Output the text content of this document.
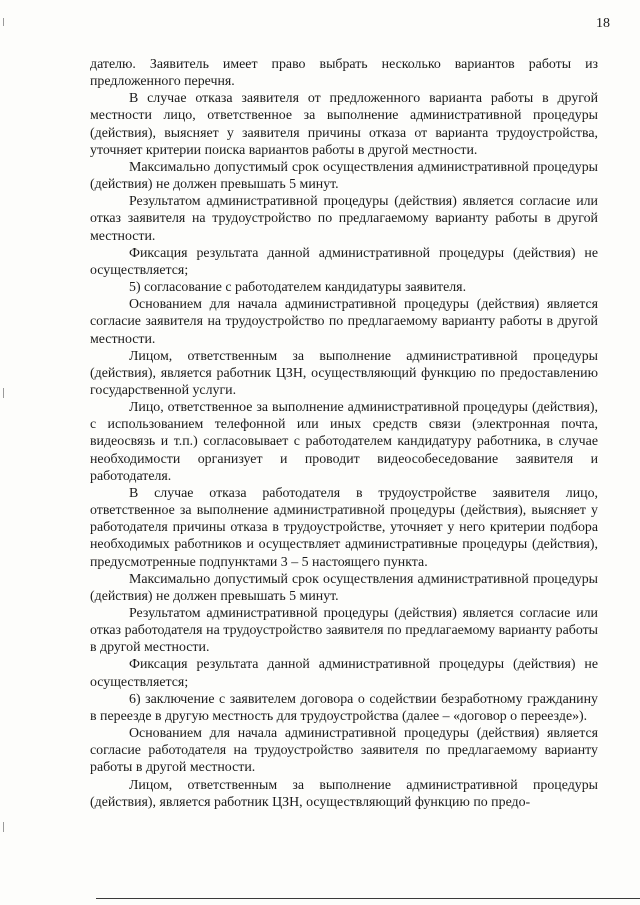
18

дателю. Заявитель имеет право выбрать несколько вариантов работы из предложенного перечня.

В случае отказа заявителя от предложенного варианта работы в другой местности лицо, ответственное за выполнение административной процедуры (действия), выясняет у заявителя причины отказа от варианта трудоустройства, уточняет критерии поиска вариантов работы в другой местности.

Максимально допустимый срок осуществления административной процедуры (действия) не должен превышать 5 минут.

Результатом административной процедуры (действия) является согласие или отказ заявителя на трудоустройство по предлагаемому варианту работы в другой местности.

Фиксация результата данной административной процедуры (действия) не осуществляется;

5) согласование с работодателем кандидатуры заявителя.

Основанием для начала административной процедуры (действия) является согласие заявителя на трудоустройство по предлагаемому варианту работы в другой местности.

Лицом, ответственным за выполнение административной процедуры (действия), является работник ЦЗН, осуществляющий функцию по предоставлению государственной услуги.

Лицо, ответственное за выполнение административной процедуры (действия), с использованием телефонной или иных средств связи (электронная почта, видеосвязь и т.п.) согласовывает с работодателем кандидатуру работника, в случае необходимости организует и проводит видеособеседование заявителя и работодателя.

В случае отказа работодателя в трудоустройстве заявителя лицо, ответственное за выполнение административной процедуры (действия), выясняет у работодателя причины отказа в трудоустройстве, уточняет у него критерии подбора необходимых работников и осуществляет административные процедуры (действия), предусмотренные подпунктами 3 – 5 настоящего пункта.

Максимально допустимый срок осуществления административной процедуры (действия) не должен превышать 5 минут.

Результатом административной процедуры (действия) является согласие или отказ работодателя на трудоустройство заявителя по предлагаемому варианту работы в другой местности.

Фиксация результата данной административной процедуры (действия) не осуществляется;

6) заключение с заявителем договора о содействии безработному гражданину в переезде в другую местность для трудоустройства (далее – «договор о переезде»).

Основанием для начала административной процедуры (действия) является согласие работодателя на трудоустройство заявителя по предлагаемому варианту работы в другой местности.

Лицом, ответственным за выполнение административной процедуры (действия), является работник ЦЗН, осуществляющий функцию по предо-
